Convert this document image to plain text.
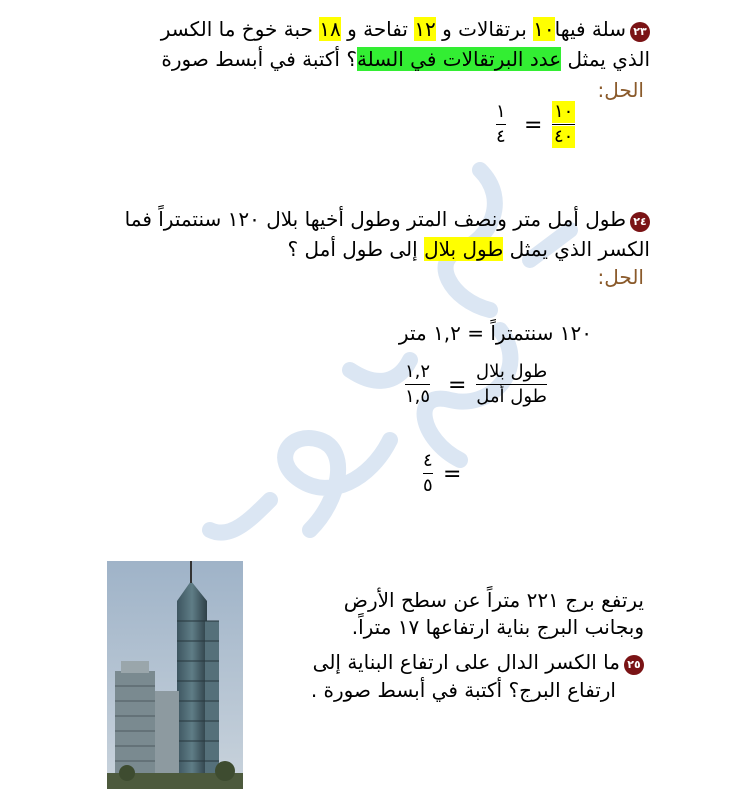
٢٣سلة فيها١٠ برتقالات و ١٢ تفاحة و ١٨ حبة خوخ ما الكسر
الذي يمثل عدد البرتقالات في السلة؟ أكتبة في أبسط صورة
الحل:
١٠
٤٠
=
١
٤
٢٤طول أمل متر ونصف المتر وطول أخيها بلال ١٢٠ سنتمتراً فما
الكسر الذي يمثل طول بلال إلى طول أمل ؟
الحل:
١٢٠ سنتمتراً = ١,٢ متر
طول بلال
طول أمل
=
١,٢
١,٥
=
٤
٥
يرتفع برج ٢٢١ متراً عن سطح الأرض
وبجانب البرج بناية ارتفاعها ١٧ متراً.
٢٥ما الكسر الدال على ارتفاع البناية إلى
ارتفاع البرج؟ أكتبة في أبسط صورة .
